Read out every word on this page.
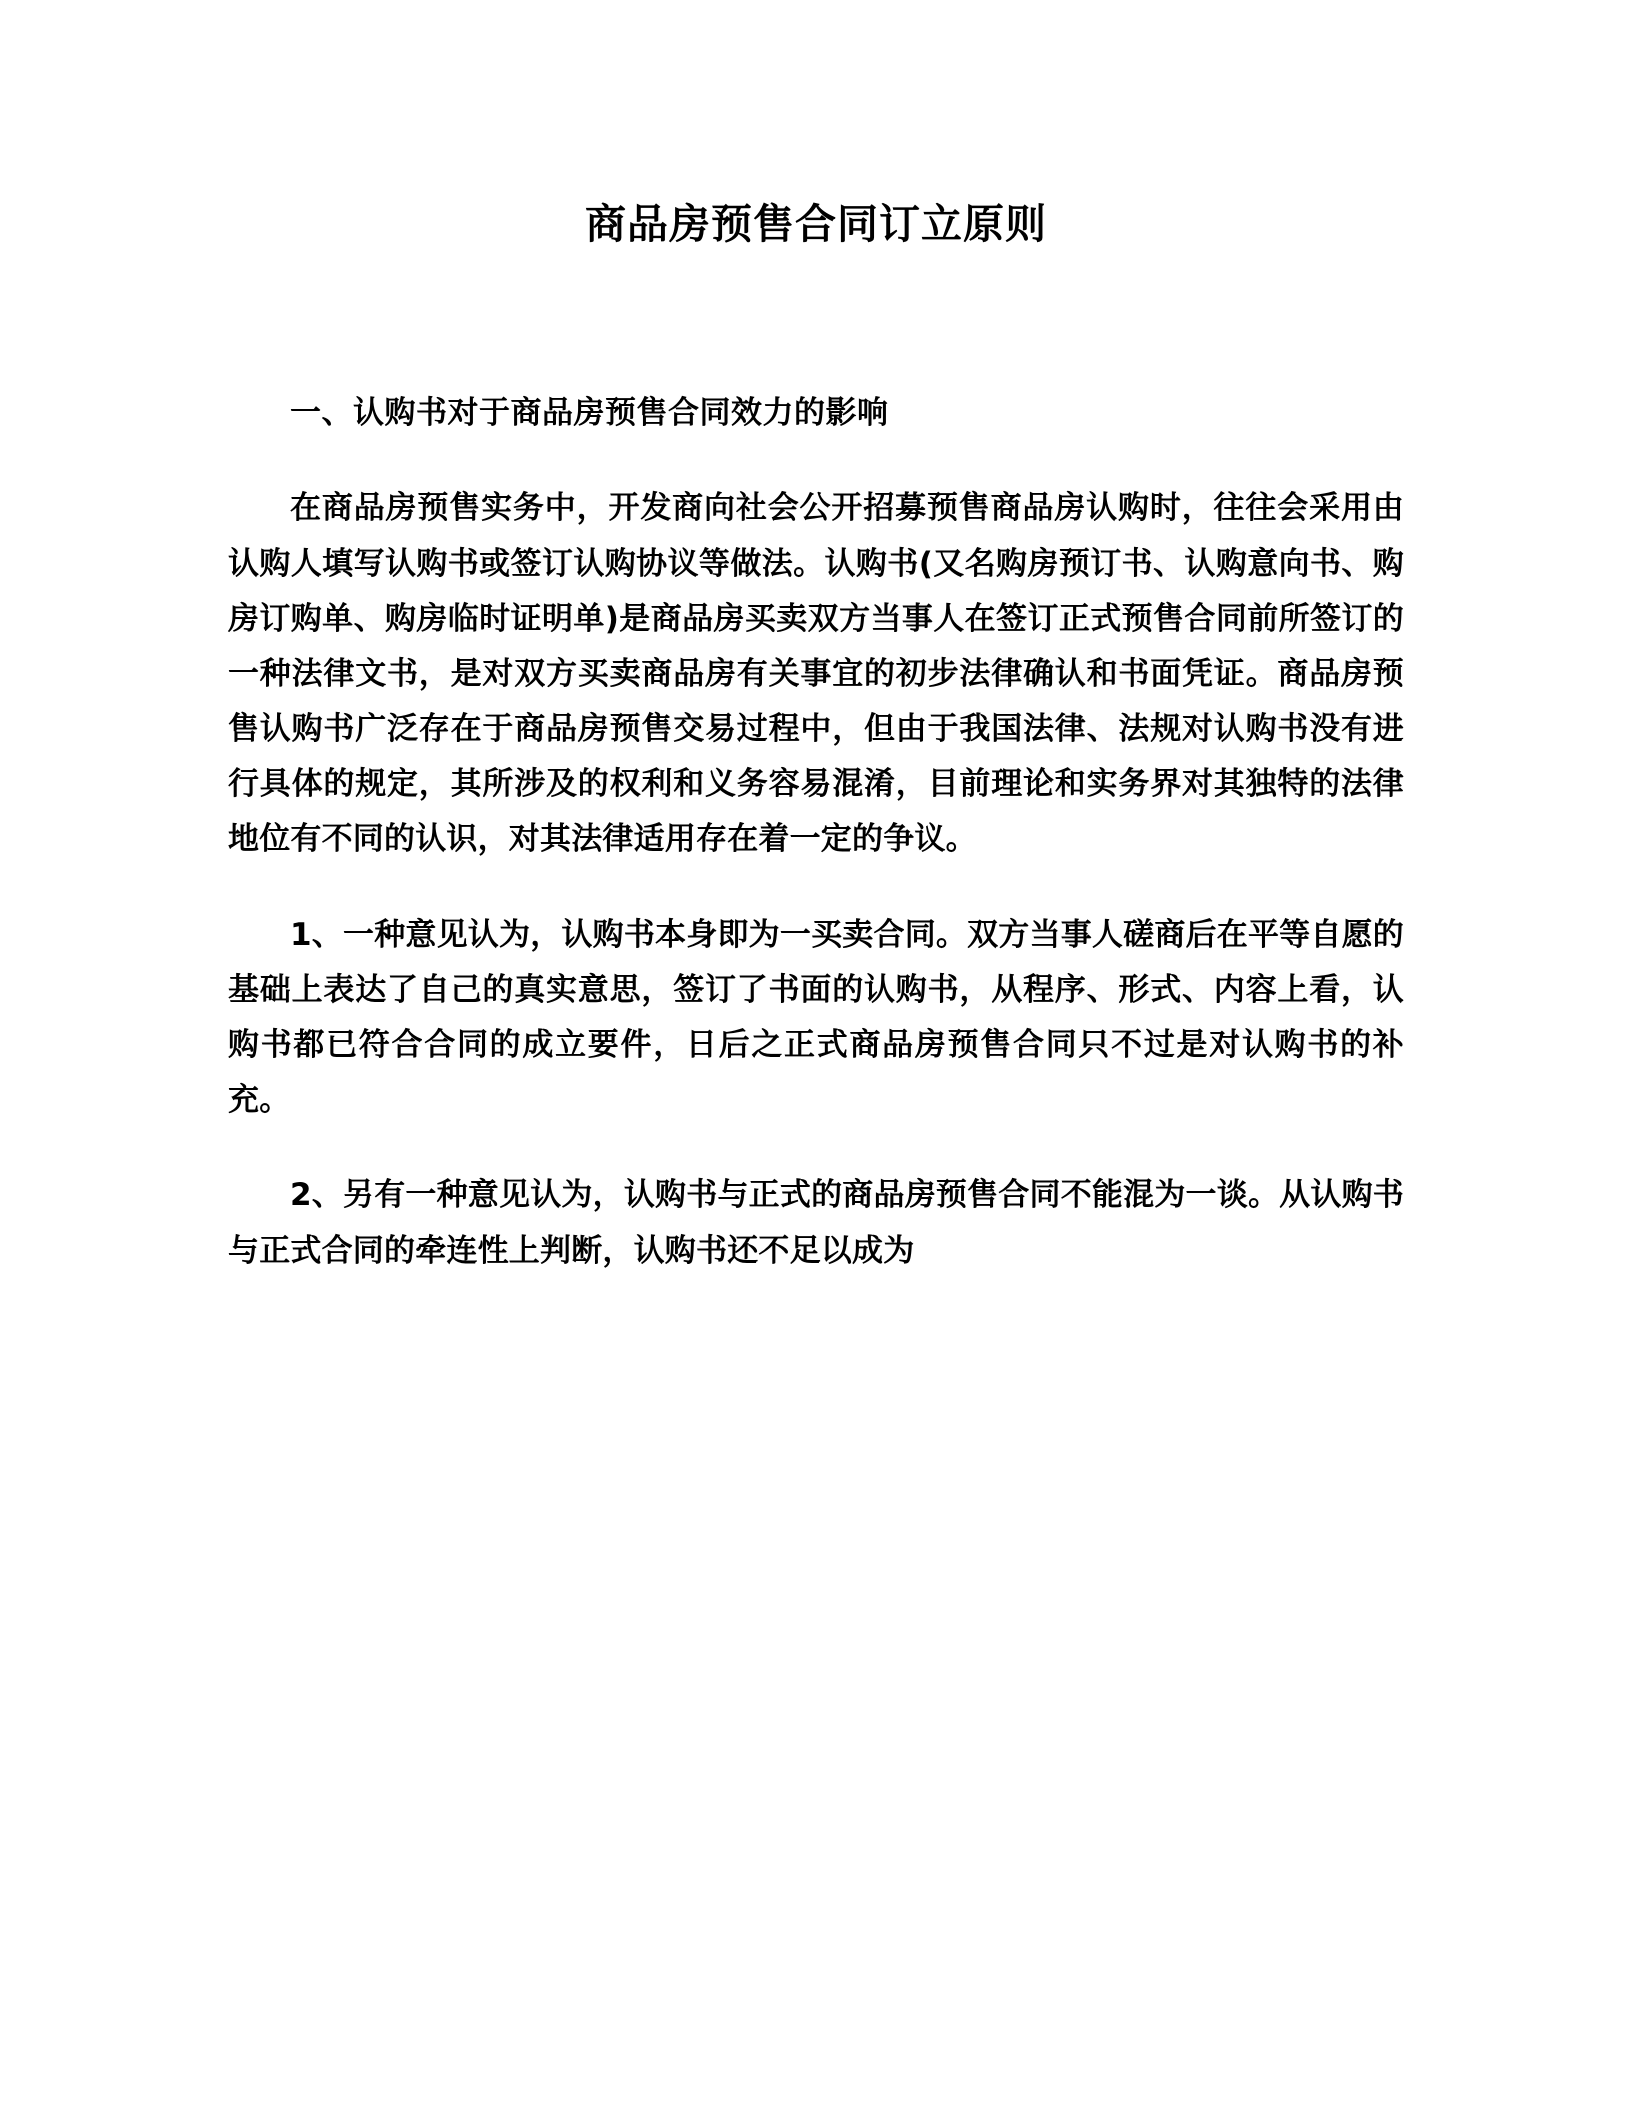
商品房预售合同订立原则

一、认购书对于商品房预售合同效力的影响

在商品房预售实务中，开发商向社会公开招募预售商品房认购时，往往会采用由认购人填写认购书或签订认购协议等做法。认购书(又名购房预订书、认购意向书、购房订购单、购房临时证明单)是商品房买卖双方当事人在签订正式预售合同前所签订的一种法律文书，是对双方买卖商品房有关事宜的初步法律确认和书面凭证。商品房预售认购书广泛存在于商品房预售交易过程中，但由于我国法律、法规对认购书没有进行具体的规定，其所涉及的权利和义务容易混淆，目前理论和实务界对其独特的法律地位有不同的认识，对其法律适用存在着一定的争议。

1、一种意见认为，认购书本身即为一买卖合同。双方当事人磋商后在平等自愿的基础上表达了自己的真实意思，签订了书面的认购书，从程序、形式、内容上看，认购书都已符合合同的成立要件，日后之正式商品房预售合同只不过是对认购书的补充。

2、另有一种意见认为，认购书与正式的商品房预售合同不能混为一谈。从认购书与正式合同的牵连性上判断，认购书还不足以成为
